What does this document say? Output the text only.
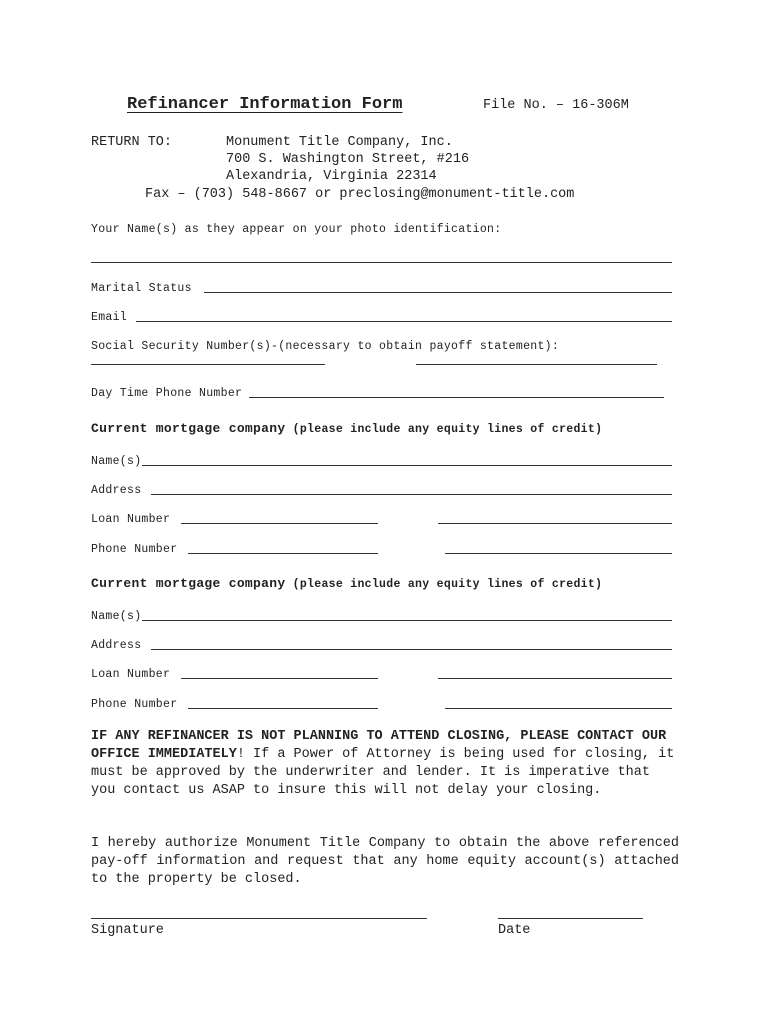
Refinancer Information Form	File No. – 16-306M
RETURN TO:	Monument Title Company, Inc.
700 S. Washington Street, #216
Alexandria, Virginia 22314
Fax – (703) 548-8667 or preclosing@monument-title.com
Your Name(s) as they appear on your photo identification:
Marital Status
Email
Social Security Number(s)-(necessary to obtain payoff statement):
Day Time Phone Number
Current mortgage company (please include any equity lines of credit)
Name(s)
Address
Loan Number
Phone Number
Current mortgage company (please include any equity lines of credit)
Name(s)
Address
Loan Number
Phone Number
IF ANY REFINANCER IS NOT PLANNING TO ATTEND CLOSING, PLEASE CONTACT OUR OFFICE IMMEDIATELY! If a Power of Attorney is being used for closing, it must be approved by the underwriter and lender. It is imperative that you contact us ASAP to insure this will not delay your closing.
I hereby authorize Monument Title Company to obtain the above referenced pay-off information and request that any home equity account(s) attached to the property be closed.
Signature	Date
